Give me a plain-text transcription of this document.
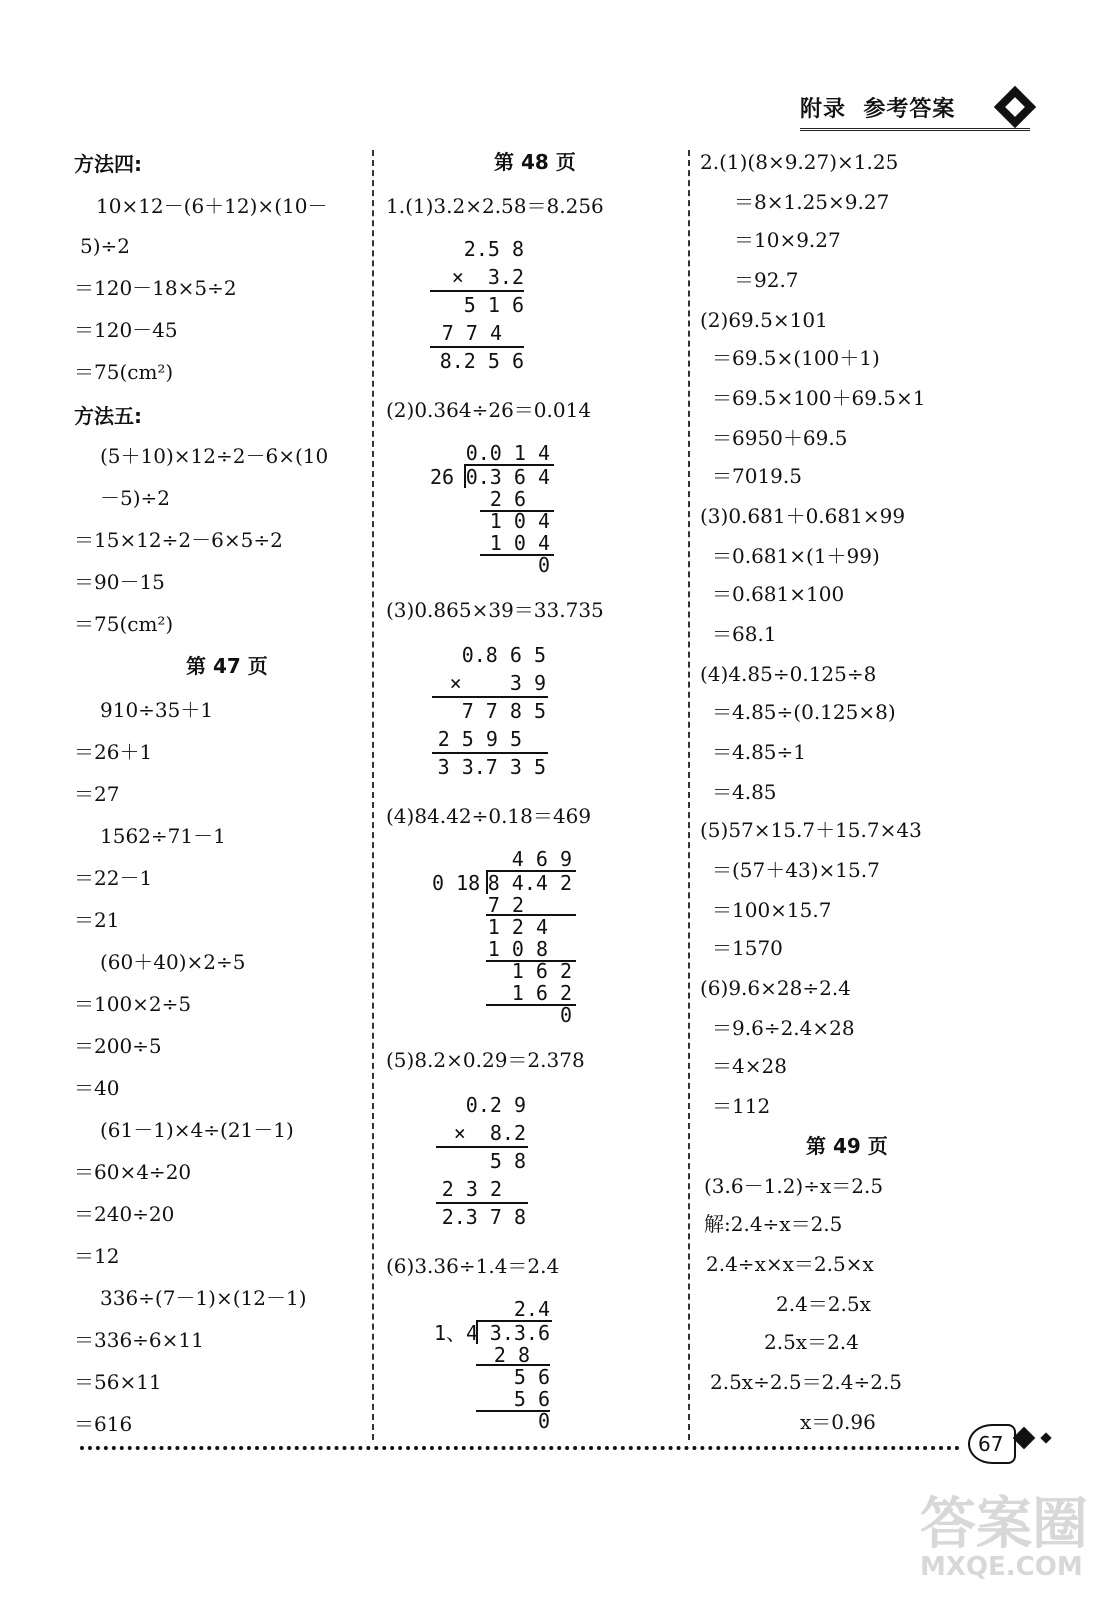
附录  参考答案
方法四:
10×12－(6＋12)×(10－
5)÷2
＝120－18×5÷2
＝120－45
＝75(cm²)
方法五:
(5＋10)×12÷2－6×(10
－5)÷2
＝15×12÷2－6×5÷2
＝90－15
＝75(cm²)
第 47 页
910÷35＋1
＝26＋1
＝27
1562÷71－1
＝22－1
＝21
(60＋40)×2÷5
＝100×2÷5
＝200÷5
＝40
(61－1)×4÷(21－1)
＝60×4÷20
＝240÷20
＝12
336÷(7－1)×(12－1)
＝336÷6×11
＝56×11
＝616
第 48 页
1.(1)3.2×2.58＝8.256
2.5 8
×  3.2
5 1 6
7 7 4
8.2 5 6
(2)0.364÷26＝0.014
0.0 1 4
26 0.3 6 4
2 6
1 0 4
1 0 4
0
(3)0.865×39＝33.735
0.8 6 5
×    3 9
7 7 8 5
2 5 9 5
3 3.7 3 5
(4)84.42÷0.18＝469
4 6 9
0 18 8 4.4 2
7 2
1 2 4
1 0 8
1 6 2
1 6 2
0
(5)8.2×0.29＝2.378
0.2 9
×  8.2
5 8
2 3 2
2.3 7 8
(6)3.36÷1.4＝2.4
2.4
1、4 3.3.6
2 8
5 6
5 6
0
2.(1)(8×9.27)×1.25
＝8×1.25×9.27
＝10×9.27
＝92.7
(2)69.5×101
＝69.5×(100＋1)
＝69.5×100＋69.5×1
＝6950＋69.5
＝7019.5
(3)0.681＋0.681×99
＝0.681×(1＋99)
＝0.681×100
＝68.1
(4)4.85÷0.125÷8
＝4.85÷(0.125×8)
＝4.85÷1
＝4.85
(5)57×15.7＋15.7×43
＝(57＋43)×15.7
＝100×15.7
＝1570
(6)9.6×28÷2.4
＝9.6÷2.4×28
＝4×28
＝112
第 49 页
(3.6－1.2)÷x＝2.5
解:2.4÷x＝2.5
2.4÷x×x＝2.5×x
2.4＝2.5x
2.5x＝2.4
2.5x÷2.5＝2.4÷2.5
x＝0.96
67
答案圈
MXQE.COM
